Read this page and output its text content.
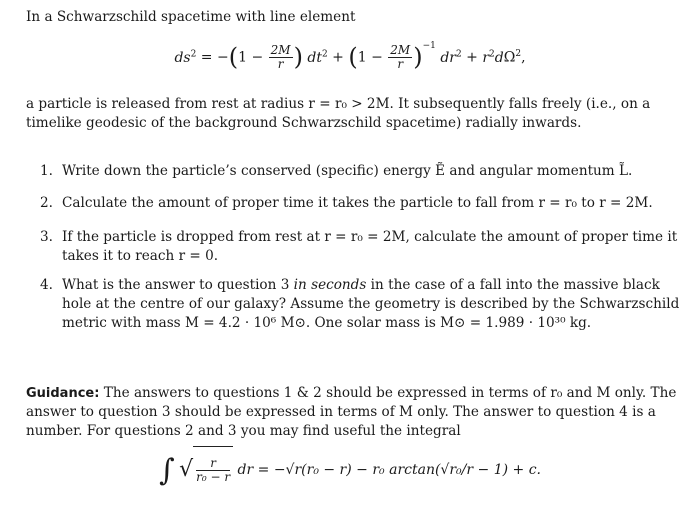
In a Schwarzschild spacetime with line element
$ds^2 = -(1 - \frac{2M}{r}$ ) $dt^2 + (1 - \frac{2M}{r} )^{-1}$ $dr^2 + r^2d\Omega^2$,
a particle is released from rest at radius r = r₀ > 2M. It subsequently falls freely (i.e., on a timelike geodesic of the background Schwarzschild spacetime) radially inwards.
1. Write down the particle’s conserved (specific) energy Ẽ and angular momentum L̃.
2. Calculate the amount of proper time it takes the particle to fall from r = r₀ to r = 2M.
3. If the particle is dropped from rest at r = r₀ = 2M, calculate the amount of proper time it takes it to reach r = 0.
4. What is the answer to question 3 in seconds in the case of a fall into the massive black hole at the centre of our galaxy? Assume the geometry is described by the Schwarzschild metric with mass M = 4.2 · 10⁶ M⊙. One solar mass is M⊙ = 1.989 · 10³⁰ kg.
Guidance: The answers to questions 1 & 2 should be expressed in terms of r₀ and M only. The answer to question 3 should be expressed in terms of M only. The answer to question 4 is a number. For questions 2 and 3 you may find useful the integral
∫ √ $\frac{r}{\text{r₀ − r}}$ dr = −√r(r₀ − r) − r₀ arctan(√r₀/r − 1) + c.
